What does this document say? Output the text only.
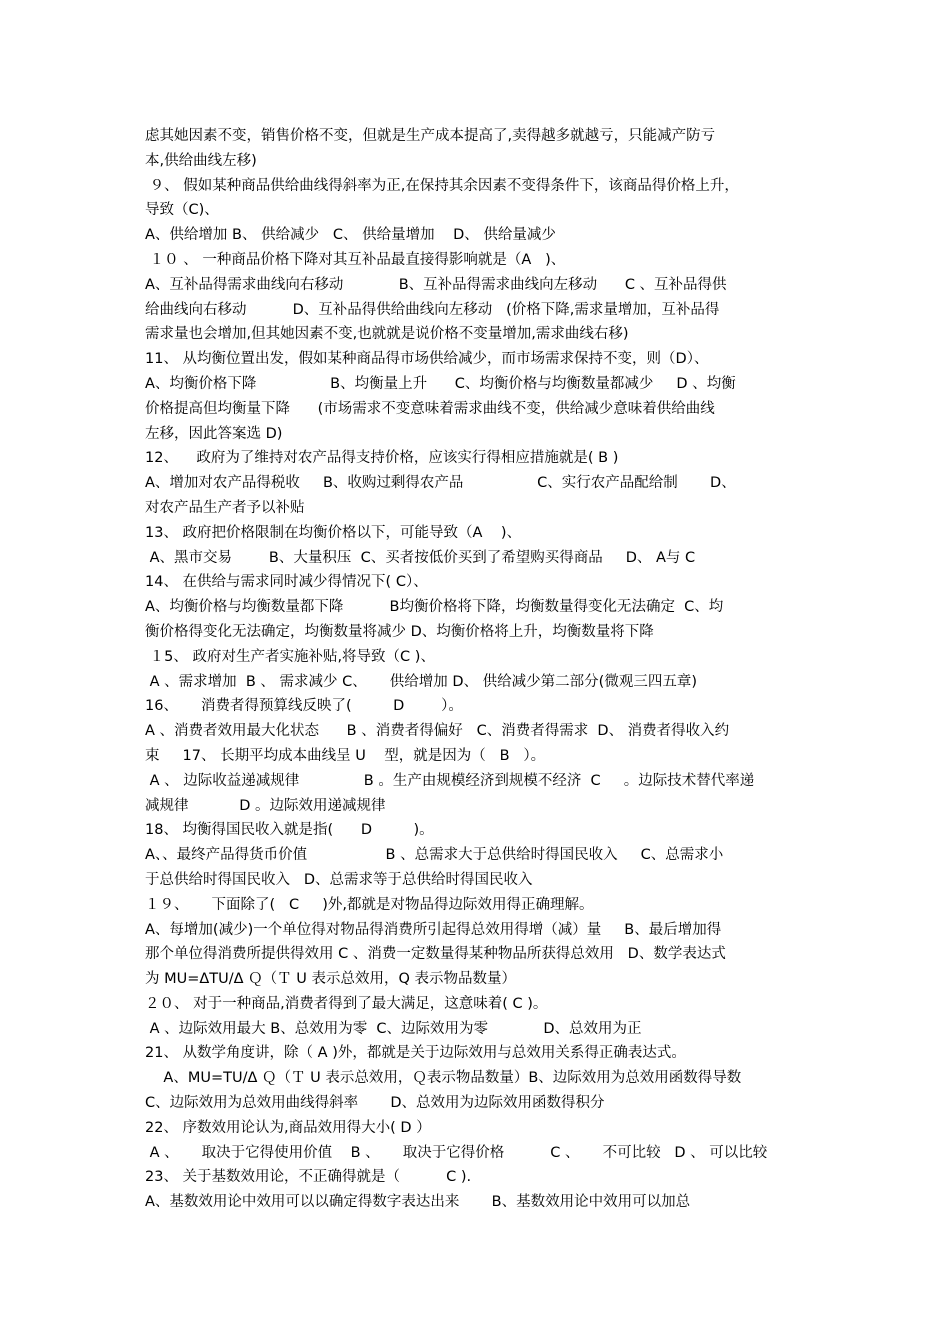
虑其她因素不变，销售价格不变，但就是生产成本提高了,卖得越多就越亏，只能减产防亏
本,供给曲线左移)
９、 假如某种商品供给曲线得斜率为正,在保持其余因素不变得条件下，该商品得价格上升，
导致（C)、
A、供给增加 B、 供给减少   C、 供给量增加    D、 供给量减少
１０ 、 一种商品价格下降对其互补品最直接得影响就是（A   )、
A、互补品得需求曲线向右移动            B、互补品得需求曲线向左移动      C 、互补品得供
给曲线向右移动          D、互补品得供给曲线向左移动   (价格下降,需求量增加，互补品得
需求量也会增加,但其她因素不变,也就就是说价格不变量增加,需求曲线右移)
11、 从均衡位置出发，假如某种商品得市场供给减少，而市场需求保持不变，则（D）、
A、均衡价格下降                B、均衡量上升      C、均衡价格与均衡数量都减少     D 、均衡
价格提高但均衡量下降      (市场需求不变意味着需求曲线不变，供给减少意味着供给曲线
左移，因此答案选 D)
12、    政府为了维持对农产品得支持价格，应该实行得相应措施就是( B )
A、增加对农产品得税收     B、收购过剩得农产品                C、实行农产品配给制       D、
对农产品生产者予以补贴
13、 政府把价格限制在均衡价格以下，可能导致（A    )、
A、黑市交易        B、大量积压  C、买者按低价买到了希望购买得商品     D、 A与 C
14、 在供给与需求同时减少得情况下( C）、
A、均衡价格与均衡数量都下降          B均衡价格将下降，均衡数量得变化无法确定  C、均
衡价格得变化无法确定，均衡数量将减少 D、均衡价格将上升，均衡数量将下降
１5、 政府对生产者实施补贴,将导致（C )、
A 、需求增加  B 、 需求减少 C、     供给增加 D、 供给减少第二部分(微观三四五章)
16、     消费者得预算线反映了(         D        ）。
A 、消费者效用最大化状态      B 、消费者得偏好   C、消费者得需求  D、 消费者得收入约
束     17、 长期平均成本曲线呈 U    型，就是因为（   B   ）。
A 、 边际收益递减规律              B 。生产由规模经济到规模不经济  C     。边际技术替代率递
减规律           D 。边际效用递减规律
18、 均衡得国民收入就是指(      D         )。
A、、最终产品得货币价值                 B 、总需求大于总供给时得国民收入     C、总需求小
于总供给时得国民收入   D、总需求等于总供给时得国民收入
１９、     下面除了(   C     )外,都就是对物品得边际效用得正确理解。
A、每增加(减少)一个单位得对物品得消费所引起得总效用得增（减）量     B、最后增加得
那个单位得消费所提供得效用 C 、消费一定数量得某种物品所获得总效用   D、数学表达式
为 MU=ΔTU/Δ Ｑ（Ｔ U 表示总效用，Q 表示物品数量）
２０、 对于一种商品,消费者得到了最大满足，这意味着( C )。
A 、边际效用最大 B、总效用为零  C、边际效用为零            D、总效用为正
21、 从数学角度讲，除（ A )外，都就是关于边际效用与总效用关系得正确表达式。
A、MU=TU/Δ Ｑ（Ｔ U 表示总效用，Ｑ表示物品数量）B、边际效用为总效用函数得导数
C、边际效用为总效用曲线得斜率       D、总效用为边际效用函数得积分
22、 序数效用论认为,商品效用得大小( D ）
A 、     取决于它得使用价值    B 、     取决于它得价格          C 、     不可比较   D 、 可以比较
23、 关于基数效用论，不正确得就是（          C ).
A、基数效用论中效用可以以确定得数字表达出来       B、基数效用论中效用可以加总
